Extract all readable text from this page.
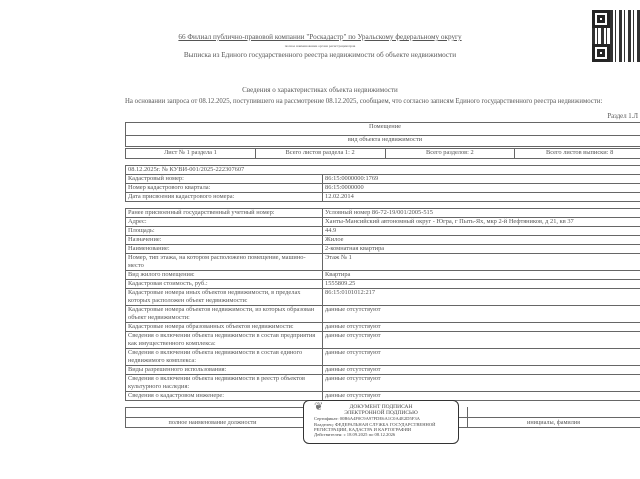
66 Филиал публично-правовой компании "Роскадастр" по Уральскому федеральному округу
полное наименование органа регистрации прав
Выписка из Единого государственного реестра недвижимости об объекте недвижимости
Сведения о характеристиках объекта недвижимости
На основании запроса от 08.12.2025, поступившего на рассмотрение 08.12.2025, сообщаем, что согласно записям Единого государственного реестра недвижимости:
Раздел 1.Л
Помещение
вид объекта недвижимости
Лист № 1 раздела 1	Всего листов раздела 1: 2	Всего разделов: 2	Всего листов выписки: 8
08.12.2025г. № КУВИ-001/2025-222307607	
Кадастровый номер:	86:15:0000000:1769
Номер кадастрового квартала:	86:15:0000000
Дата присвоения кадастрового номера:	12.02.2014
Ранее присвоенный государственный учетный номер:	Условный номер 86-72-19/001/2005-515
Адрес:	Ханты-Мансийский автономный округ - Югра, г Пыть-Ях, мкр 2-й Нефтяников, д 21, кв 37
Площадь:	44.9
Назначение:	Жилое
Наименование:	2-комнатная квартира
Номер, тип этажа, на котором расположено помещение, машино-место	Этаж № 1
Вид жилого помещения:	Квартира
Кадастровая стоимость, руб.:	1555809.25
Кадастровые номера иных объектов недвижимости, в пределах которых расположен объект недвижимости:	86:15:0101012:217
Кадастровые номера объектов недвижимости, из которых образован объект недвижимости:	данные отсутствуют
Кадастровые номера образованных объектов недвижимости:	данные отсутствуют
Сведения о включении объекта недвижимости в состав предприятия как имущественного комплекса:	данные отсутствуют
Сведения о включении объекта недвижимости в состав единого недвижимого комплекса:	данные отсутствуют
Виды разрешенного использования:	данные отсутствуют
Сведения о включении объекта недвижимости в реестр объектов культурного наследия:	данные отсутствуют
Сведения о кадастровом инженере:	данные отсутствуют
полное наименование должности	инициалы, фамилия
❦	ДОКУМЕНТ ПОДПИСАН
ЭЛЕКТРОННОЙ ПОДПИСЬЮ
Сертификат: 00B6A4F0C9A97FDE6A1C0A4E2D5F3A
Владелец: ФЕДЕРАЛЬНАЯ СЛУЖБА ГОСУДАРСТВЕННОЙ РЕГИСТРАЦИИ, КАДАСТРА И КАРТОГРАФИИ
Действителен: с 18.09.2025 по 08.12.2026
